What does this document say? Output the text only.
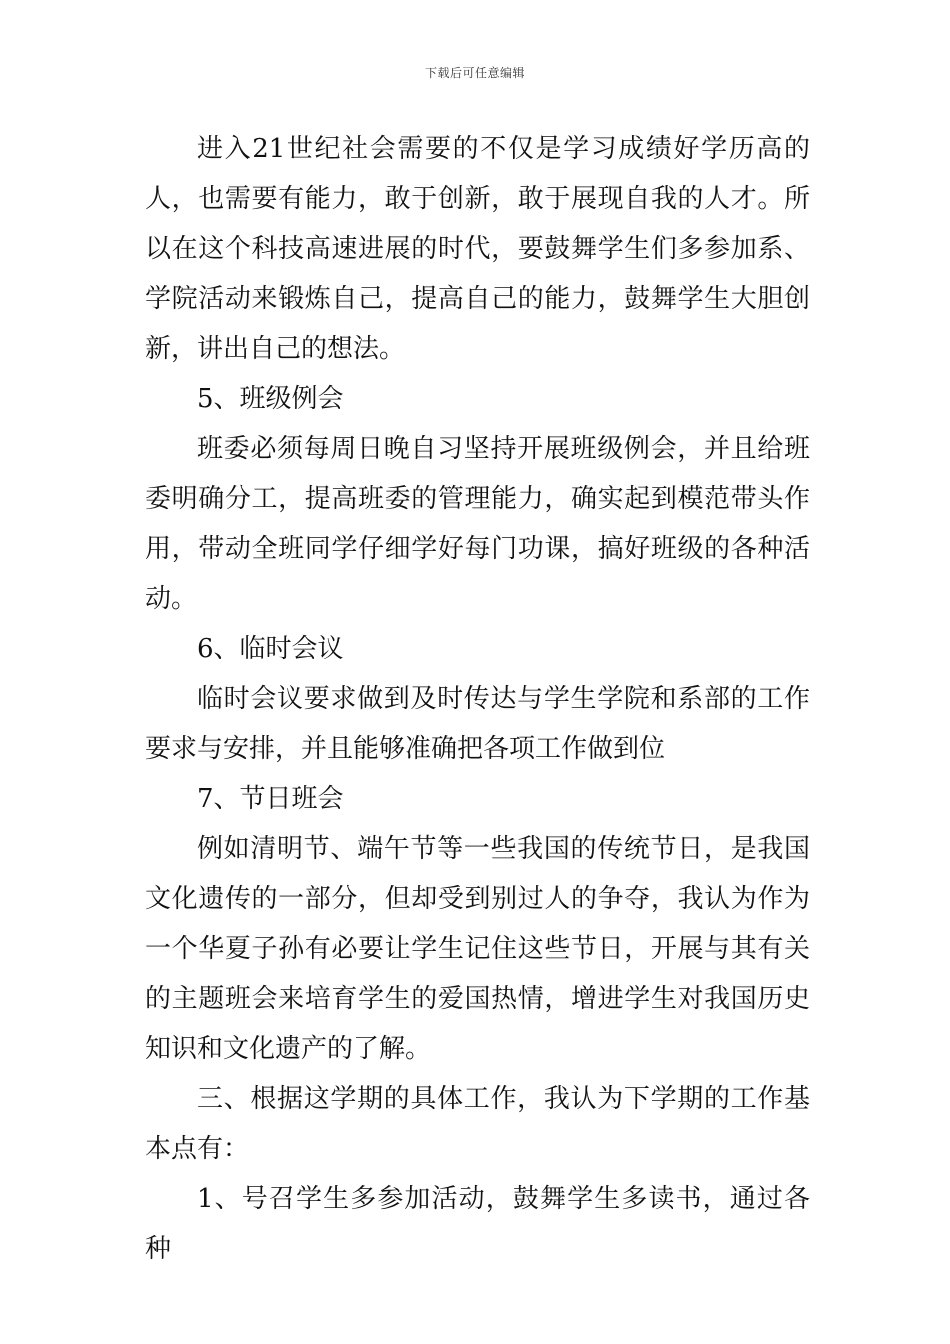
下载后可任意编辑

进入21世纪社会需要的不仅是学习成绩好学历高的人，也需要有能力，敢于创新，敢于展现自我的人才。所以在这个科技高速进展的时代，要鼓舞学生们多参加系、学院活动来锻炼自己，提高自己的能力，鼓舞学生大胆创新，讲出自己的想法。

5、班级例会

班委必须每周日晚自习坚持开展班级例会，并且给班委明确分工，提高班委的管理能力，确实起到模范带头作用，带动全班同学仔细学好每门功课，搞好班级的各种活动。

6、临时会议

临时会议要求做到及时传达与学生学院和系部的工作要求与安排，并且能够准确把各项工作做到位

7、节日班会

例如清明节、端午节等一些我国的传统节日，是我国文化遗传的一部分，但却受到别过人的争夺，我认为作为一个华夏子孙有必要让学生记住这些节日，开展与其有关的主题班会来培育学生的爱国热情，增进学生对我国历史知识和文化遗产的了解。

三、根据这学期的具体工作，我认为下学期的工作基本点有：

1、号召学生多参加活动，鼓舞学生多读书，通过各种
